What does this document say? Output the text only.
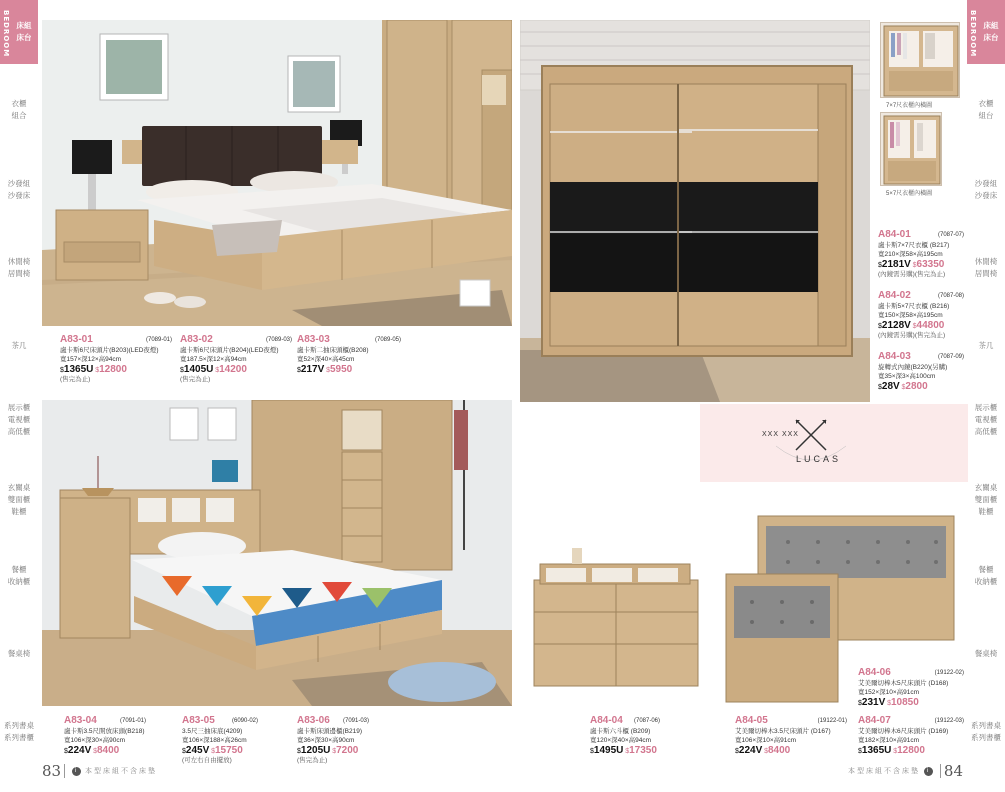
BEDROOM 床組
床台
衣櫃
組合
沙發組
沙發床
休閒椅
居間椅
茶几
展示櫃
電視櫃
高低櫃
玄關桌
雙面櫃
鞋櫃
餐櫃
收納櫃
餐桌椅
系列書桌
系列書櫃
BEDROOM 床組
床台
衣櫃
組台
沙發組
沙發床
休閒椅
居間椅
茶几
展示櫃
電視櫃
高低櫃
玄關桌
雙面櫃
鞋櫃
餐櫃
收納櫃
餐桌椅
系列書桌
系列書櫃
7×7尺衣櫃內橫圖
5×7尺衣櫃內橫圖
XXX XXX
LUCAS
A83-01	(7089-01)
盧卡斯6尺床頭片(B203)(LED夜燈)
寬157×深12×高94cm
$1365U $12800
(售完為止)
A83-02	(7089-03)
盧卡斯6尺床頭片(B204)(LED夜燈)
寬187.5×深12×高94cm
$1405U $14200
(售完為止)
A83-03	(7089-05)
盧卡斯二抽床頭櫃(B208)
寬52×深40×高45cm
$217V $5950
A83-04	(7091-01)
盧卡斯3.5尺開放床頭(B218)
寬106×深30×高90cm
$224V $8400
A83-05	(6090-02)
3.5尺三抽床底(4209)
寬106×深188×高26cm
$245V $15750
(可左右自由擺放)
A83-06 (7091-03)
盧卡斯床頭邊櫃(B219)
寬36×深30×高90cm
$1205U $7200
(售完為止)
A84-01	(7087-07)
盧卡斯7×7尺衣櫃 (B217)
寬210×深58×高195cm
$2181V $63350
(內鏡需另購)(售完為止)
A84-02	(7087-08)
盧卡斯5×7尺衣櫃 (B216)
寬150×深58×高195cm
$2128V $44800
(內鏡需另購)(售完為止)
A84-03	(7087-09)
旋轉式內鏡(B220)(另購)
寬35×深3×高100cm
$28V $2800
A84-04 (7087-06)
盧卡斯六斗櫃 (B209)
寬120×深40×高94cm
$1495U $17350
A84-05	(19122-01)
艾美爾切棒木3.5尺床頭片 (D167)
寬106×深10×高91cm
$224V $8400
A84-06	(19122-02)
艾美爾切棒木5尺床頭片 (D168)
寬152×深10×高91cm
$231V $10850
A84-07	(19122-03)
艾美爾切棒木6尺床頭片 (D169)
寬182×深10×高91cm
$1365U $12800
83	i 本型床組不含床墊	本型床組不含床墊 i 84
